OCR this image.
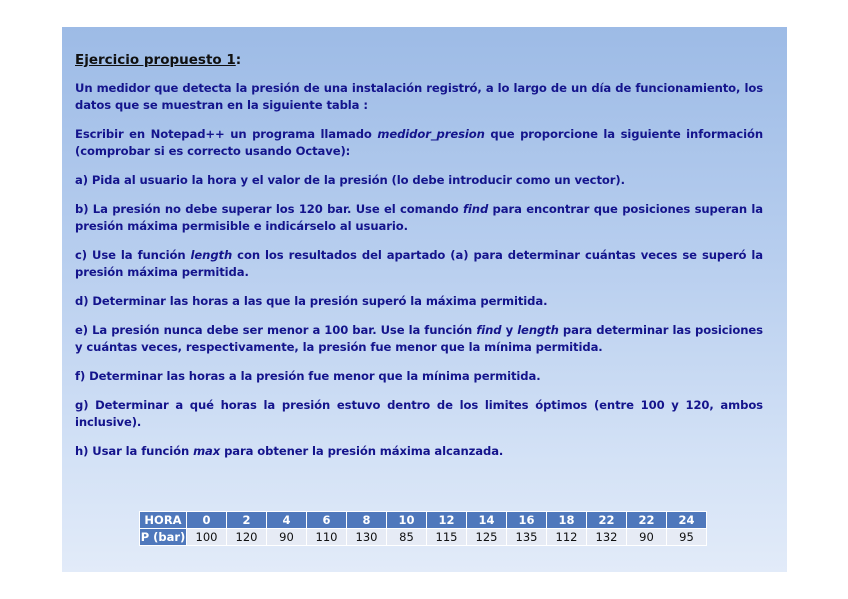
Ejercicio propuesto 1:
Un medidor que detecta la presión de una instalación registró, a lo largo de un día de funcionamiento, los datos que se muestran en la siguiente tabla :
Escribir en Notepad++ un programa llamado medidor_presion que proporcione la siguiente información (comprobar si es correcto usando Octave):
a) Pida al usuario la hora y el valor de la presión (lo debe introducir como un vector).
b) La presión no debe superar los 120 bar. Use el comando find para encontrar que posiciones superan la presión máxima permisible e indicárselo al usuario.
c) Use la función length con los resultados del apartado (a) para determinar cuántas veces se superó la presión máxima permitida.
d) Determinar las horas a las que la presión superó la máxima permitida.
e) La presión nunca debe ser menor a 100 bar. Use la función find y length para determinar las posiciones y cuántas veces, respectivamente, la presión fue menor que la mínima permitida.
f) Determinar las horas a la presión fue menor que la mínima permitida.
g) Determinar a qué horas la presión estuvo dentro de los limites óptimos (entre 100 y 120, ambos inclusive).
h) Usar la función max para obtener la presión máxima alcanzada.
HORA	0	2	4	6	8	10	12	14	16	18	22	22	24
P (bar)	100	120	90	110	130	85	115	125	135	112	132	90	95
